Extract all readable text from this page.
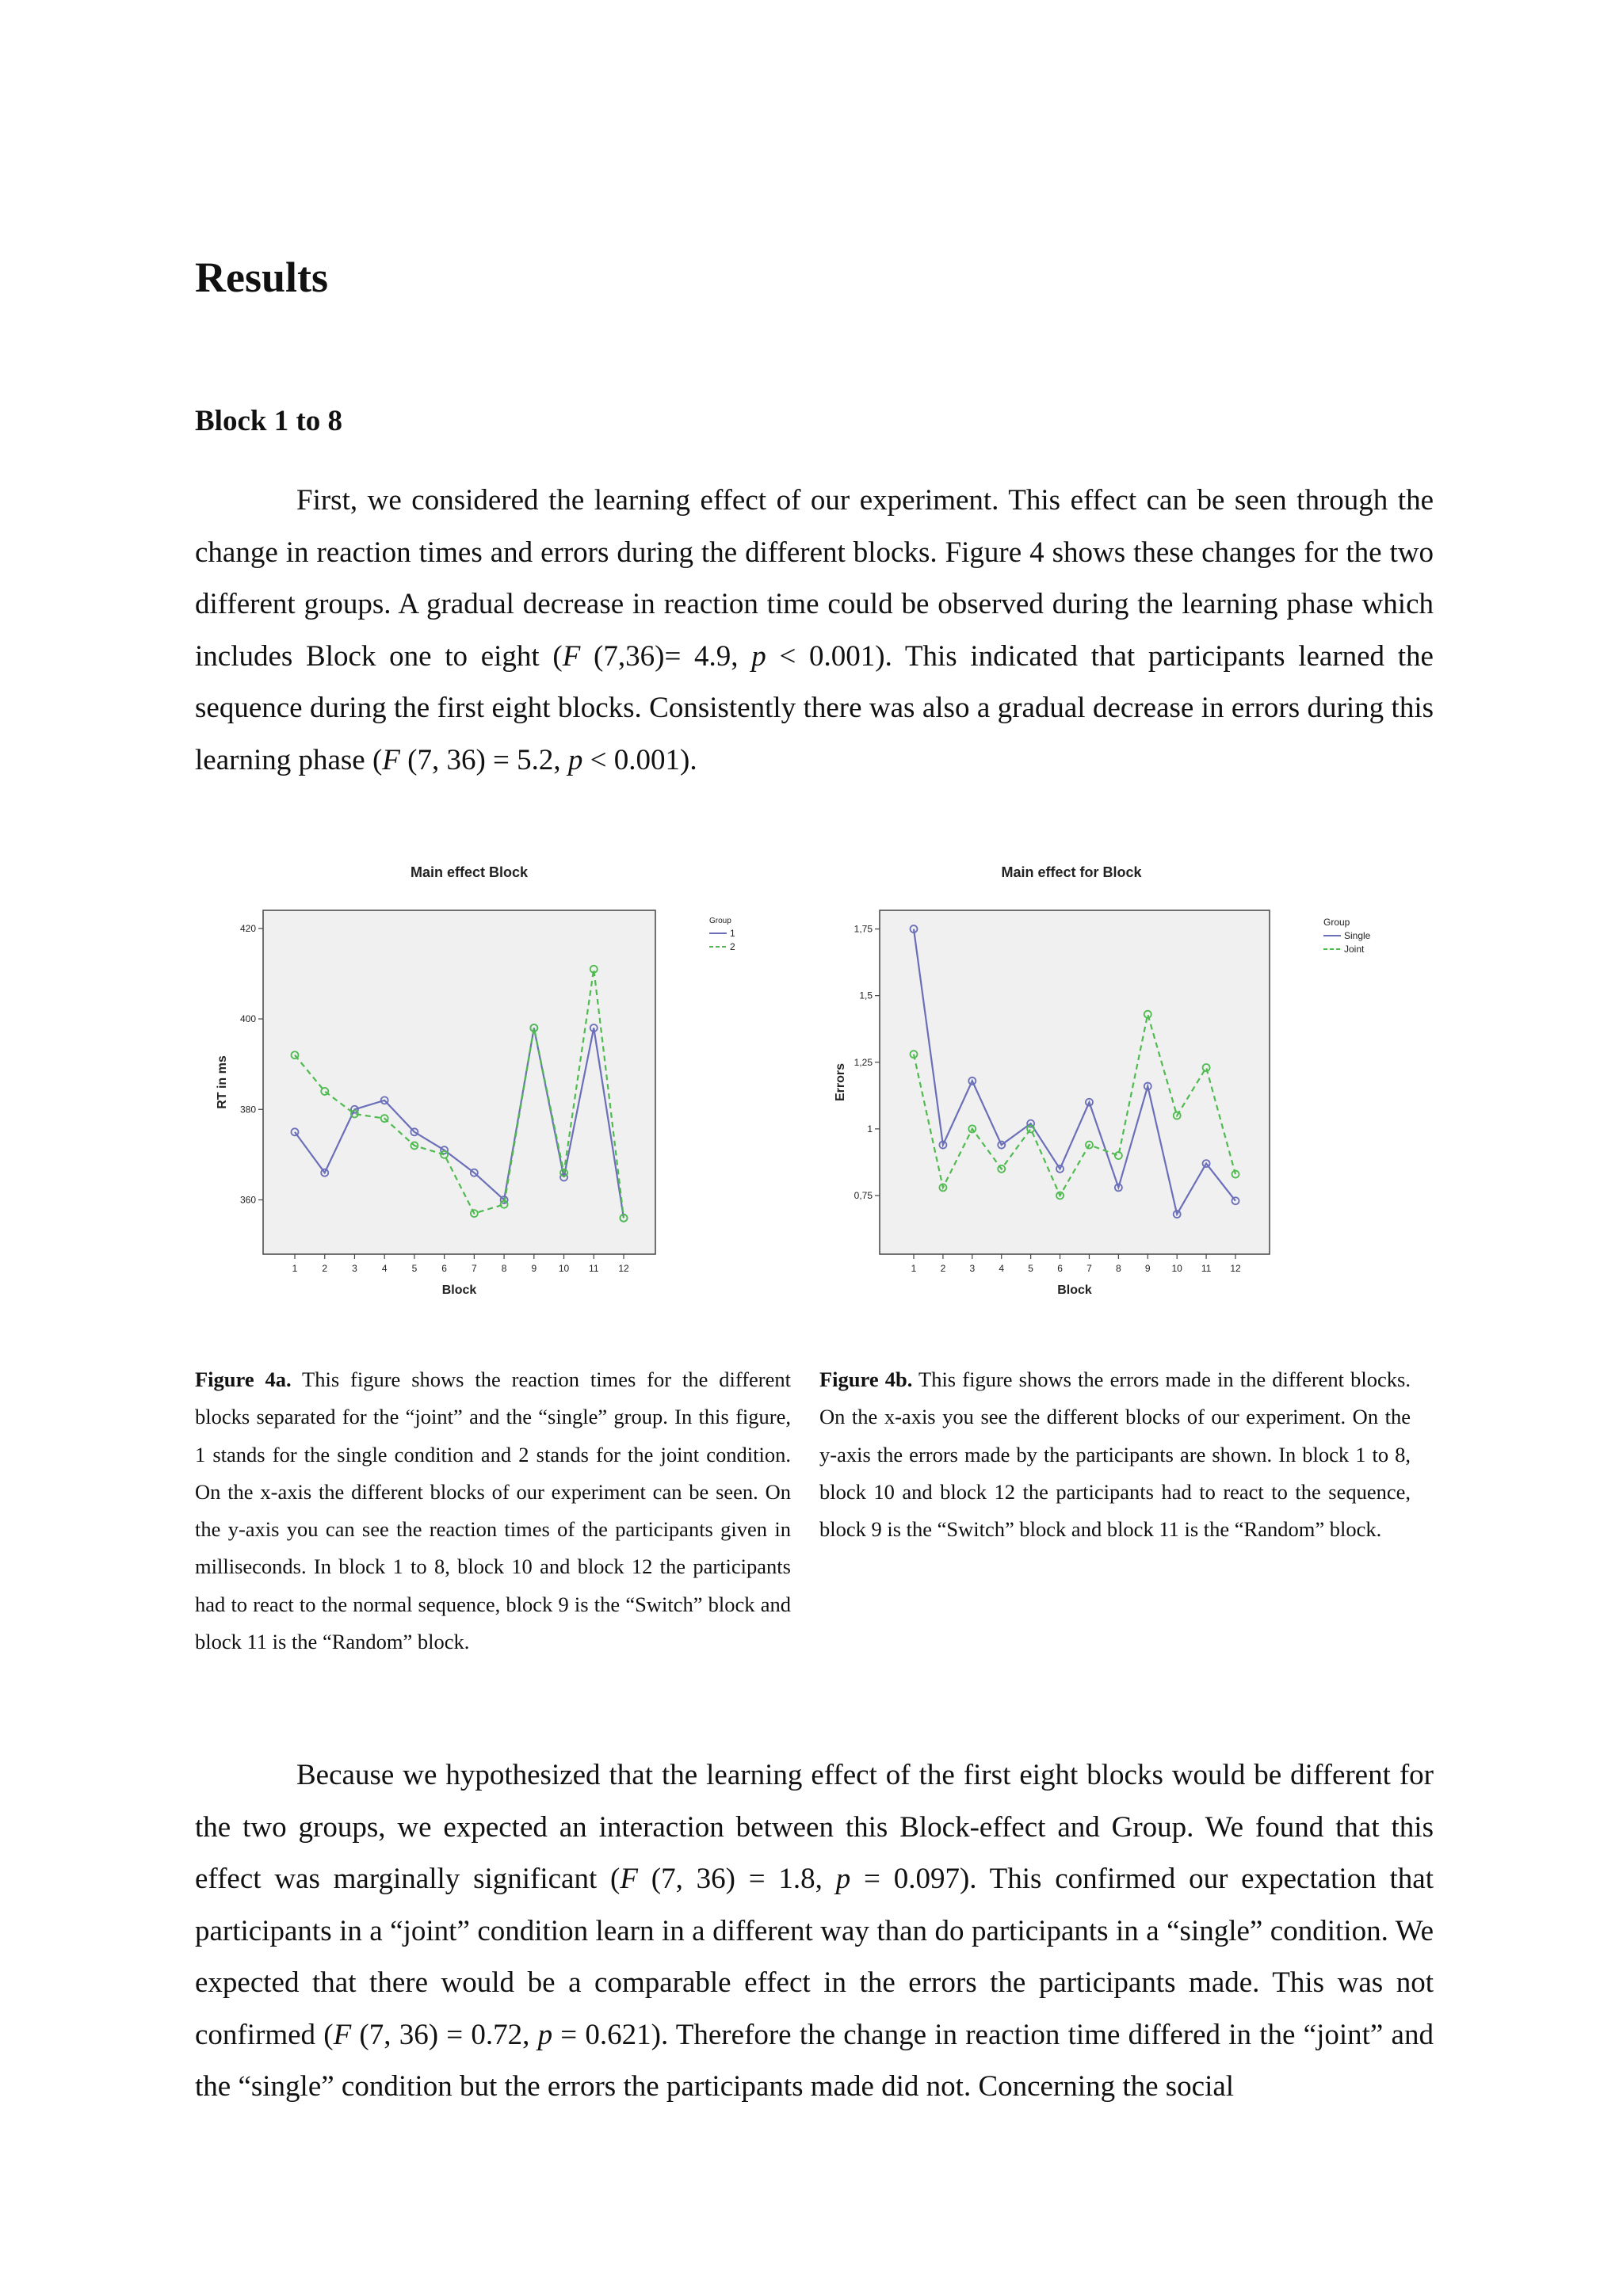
Results
Block 1 to 8

First, we considered the learning effect of our experiment. This effect can be seen through the change in reaction times and errors during the different blocks. Figure 4 shows these changes for the two different groups. A gradual decrease in reaction time could be observed during the learning phase which includes Block one to eight (F (7,36)= 4.9, p < 0.001). This indicated that participants learned the sequence during the first eight blocks. Consistently there was also a gradual decrease in errors during this learning phase (F (7, 36) = 5.2, p < 0.001).

Main effect Block
360
380
400
420
1	2	3	4	5	6	7	8	9 10 11 12
Block
RT in ms
Group
1
2
Main effect for Block
0,75
1
1,25
1,5
1,75
1	2	3	4	5	6	7	8	9 10 11 12
Block
Errors
Group
Single
Joint

Figure 4a. This figure shows the reaction times for the different blocks separated for the “joint” and the “single” group. In this figure, 1 stands for the single condition and 2 stands for the joint condition. On the x-axis the different blocks of our experiment can be seen. On the y-axis you can see the reaction times of the participants given in milliseconds. In block 1 to 8, block 10 and block 12 the participants had to react to the normal sequence, block 9 is the “Switch” block and block 11 is the “Random” block.

Figure 4b. This figure shows the errors made in the different blocks. On the x-axis you see the different blocks of our experiment. On the y-axis the errors made by the participants are shown. In block 1 to 8, block 10 and block 12 the participants had to react to the sequence, block 9 is the “Switch” block and block 11 is the “Random” block.

Because we hypothesized that the learning effect of the first eight blocks would be different for the two groups, we expected an interaction between this Block-effect and Group. We found that this effect was marginally significant (F (7, 36) = 1.8, p = 0.097). This confirmed our expectation that participants in a “joint” condition learn in a different way than do participants in a “single” condition. We expected that there would be a comparable effect in the errors the participants made. This was not confirmed (F (7, 36) = 0.72, p = 0.621). Therefore the change in reaction time differed in the “joint” and the “single” condition but the errors the participants made did not. Concerning the social
